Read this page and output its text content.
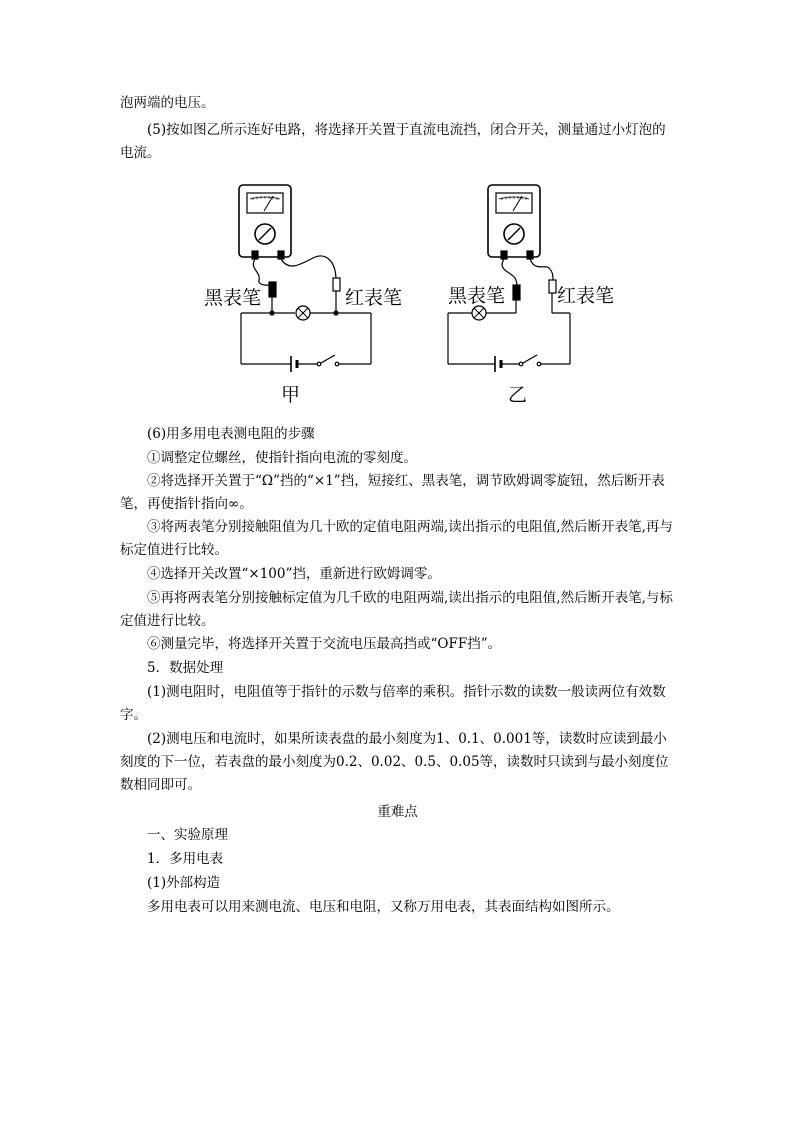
泡两端的电压。

(5)按如图乙所示连好电路，将选择开关置于直流电流挡，闭合开关，测量通过小灯泡的电流。

黑表笔	红表笔
甲
黑表笔	红表笔
乙

(6)用多用电表测电阻的步骤

①调整定位螺丝，使指针指向电流的零刻度。

②将选择开关置于“Ω”挡的“×1”挡，短接红、黑表笔，调节欧姆调零旋钮，然后断开表笔，再使指针指向∞。

③将两表笔分别接触阻值为几十欧的定值电阻两端,读出指示的电阻值,然后断开表笔,再与标定值进行比较。

④选择开关改置“×100”挡，重新进行欧姆调零。

⑤再将两表笔分别接触标定值为几千欧的电阻两端,读出指示的电阻值,然后断开表笔,与标定值进行比较。

⑥测量完毕，将选择开关置于交流电压最高挡或“OFF挡”。

5．数据处理

(1)测电阻时，电阻值等于指针的示数与倍率的乘积。指针示数的读数一般读两位有效数字。

(2)测电压和电流时，如果所读表盘的最小刻度为1、0.1、0.001等，读数时应读到最小刻度的下一位，若表盘的最小刻度为0.2、0.02、0.5、0.05等，读数时只读到与最小刻度位数相同即可。

重难点

一、实验原理

1．多用电表

(1)外部构造

多用电表可以用来测电流、电压和电阻，又称万用电表，其表面结构如图所示。
